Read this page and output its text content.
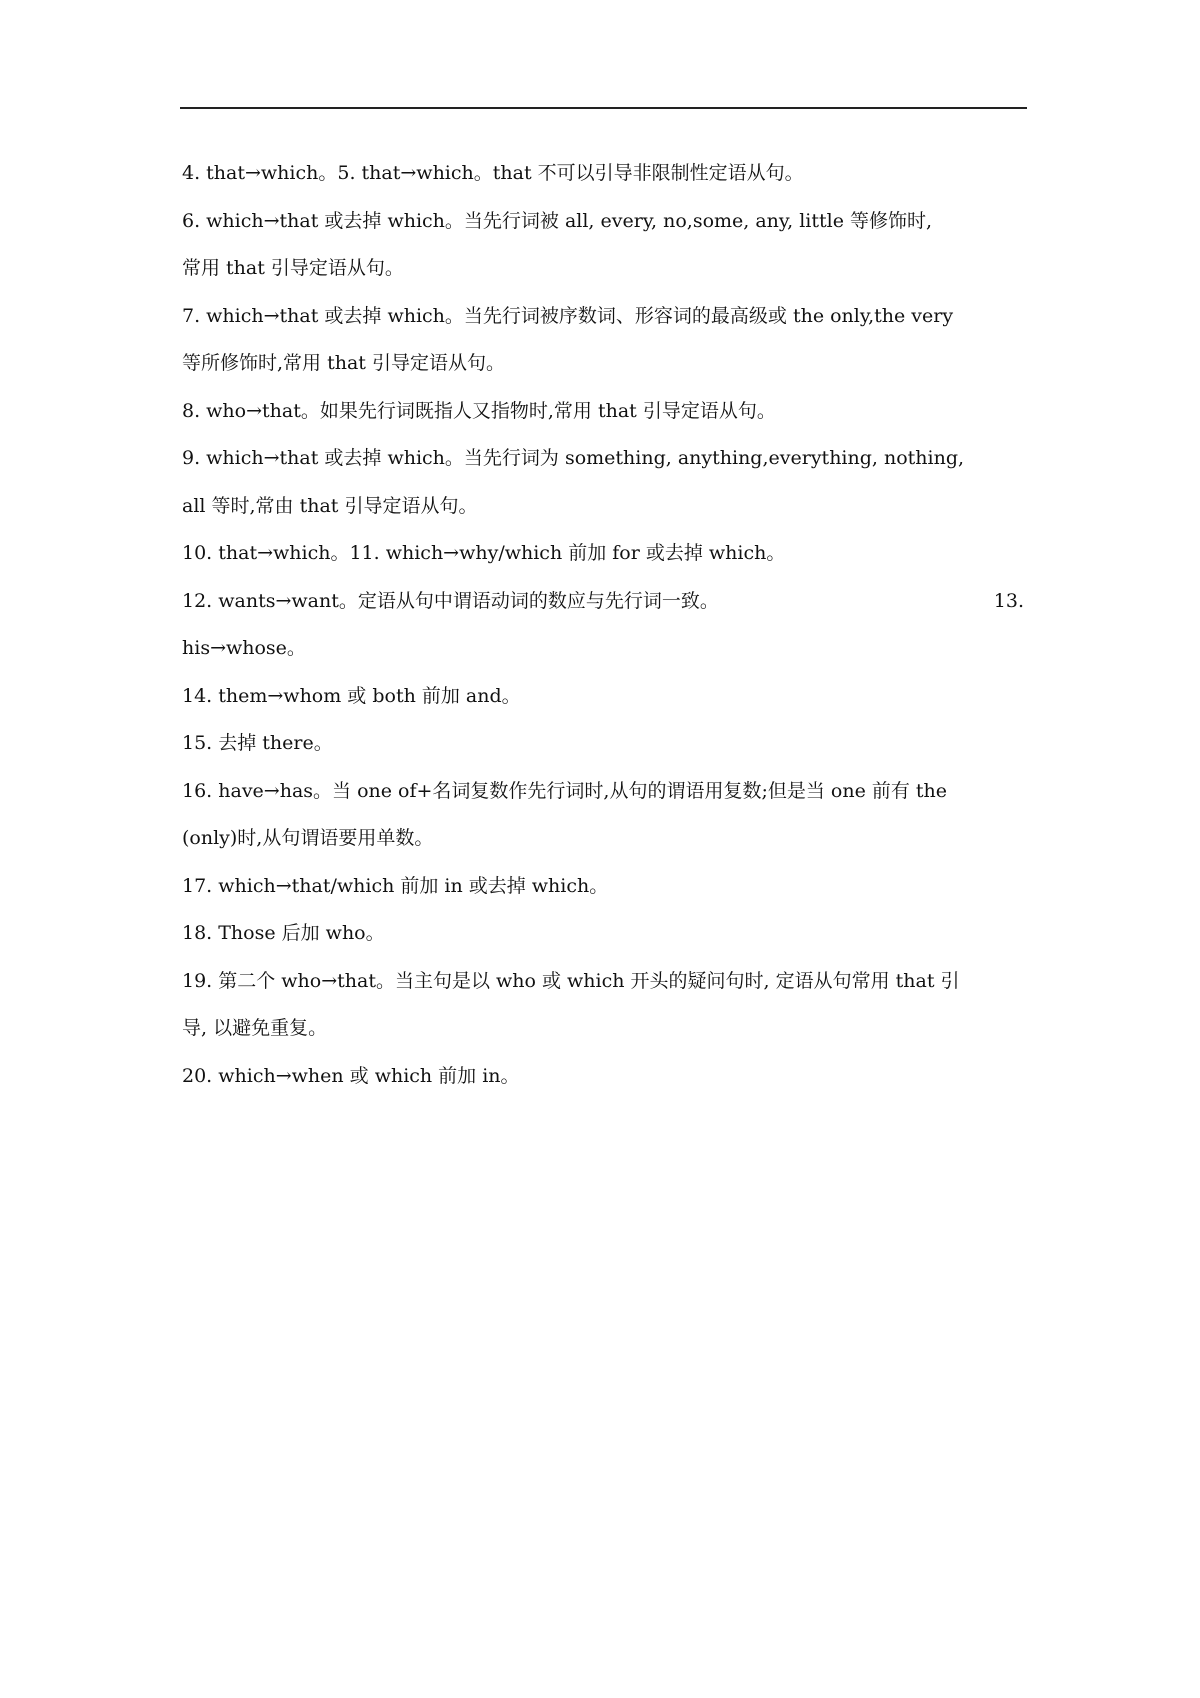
4. that→which。5. that→which。that 不可以引导非限制性定语从句。
6. which→that 或去掉 which。当先行词被 all, every, no,some, any, little 等修饰时,
常用 that 引导定语从句。
7. which→that 或去掉 which。当先行词被序数词、形容词的最高级或 the only,the very
等所修饰时,常用 that 引导定语从句。
8. who→that。如果先行词既指人又指物时,常用 that 引导定语从句。
9. which→that 或去掉 which。当先行词为 something, anything,everything, nothing,
all 等时,常由 that 引导定语从句。
10. that→which。11. which→why/which 前加 for 或去掉 which。
12. wants→want。定语从句中谓语动词的数应与先行词一致。	13.
his→whose。
14. them→whom 或 both 前加 and。
15. 去掉 there。
16. have→has。当 one of+名词复数作先行词时,从句的谓语用复数;但是当 one 前有 the
(only)时,从句谓语要用单数。
17. which→that/which 前加 in 或去掉 which。
18. Those 后加 who。
19. 第二个 who→that。当主句是以 who 或 which 开头的疑问句时, 定语从句常用 that 引
导, 以避免重复。
20. which→when 或 which 前加 in。
